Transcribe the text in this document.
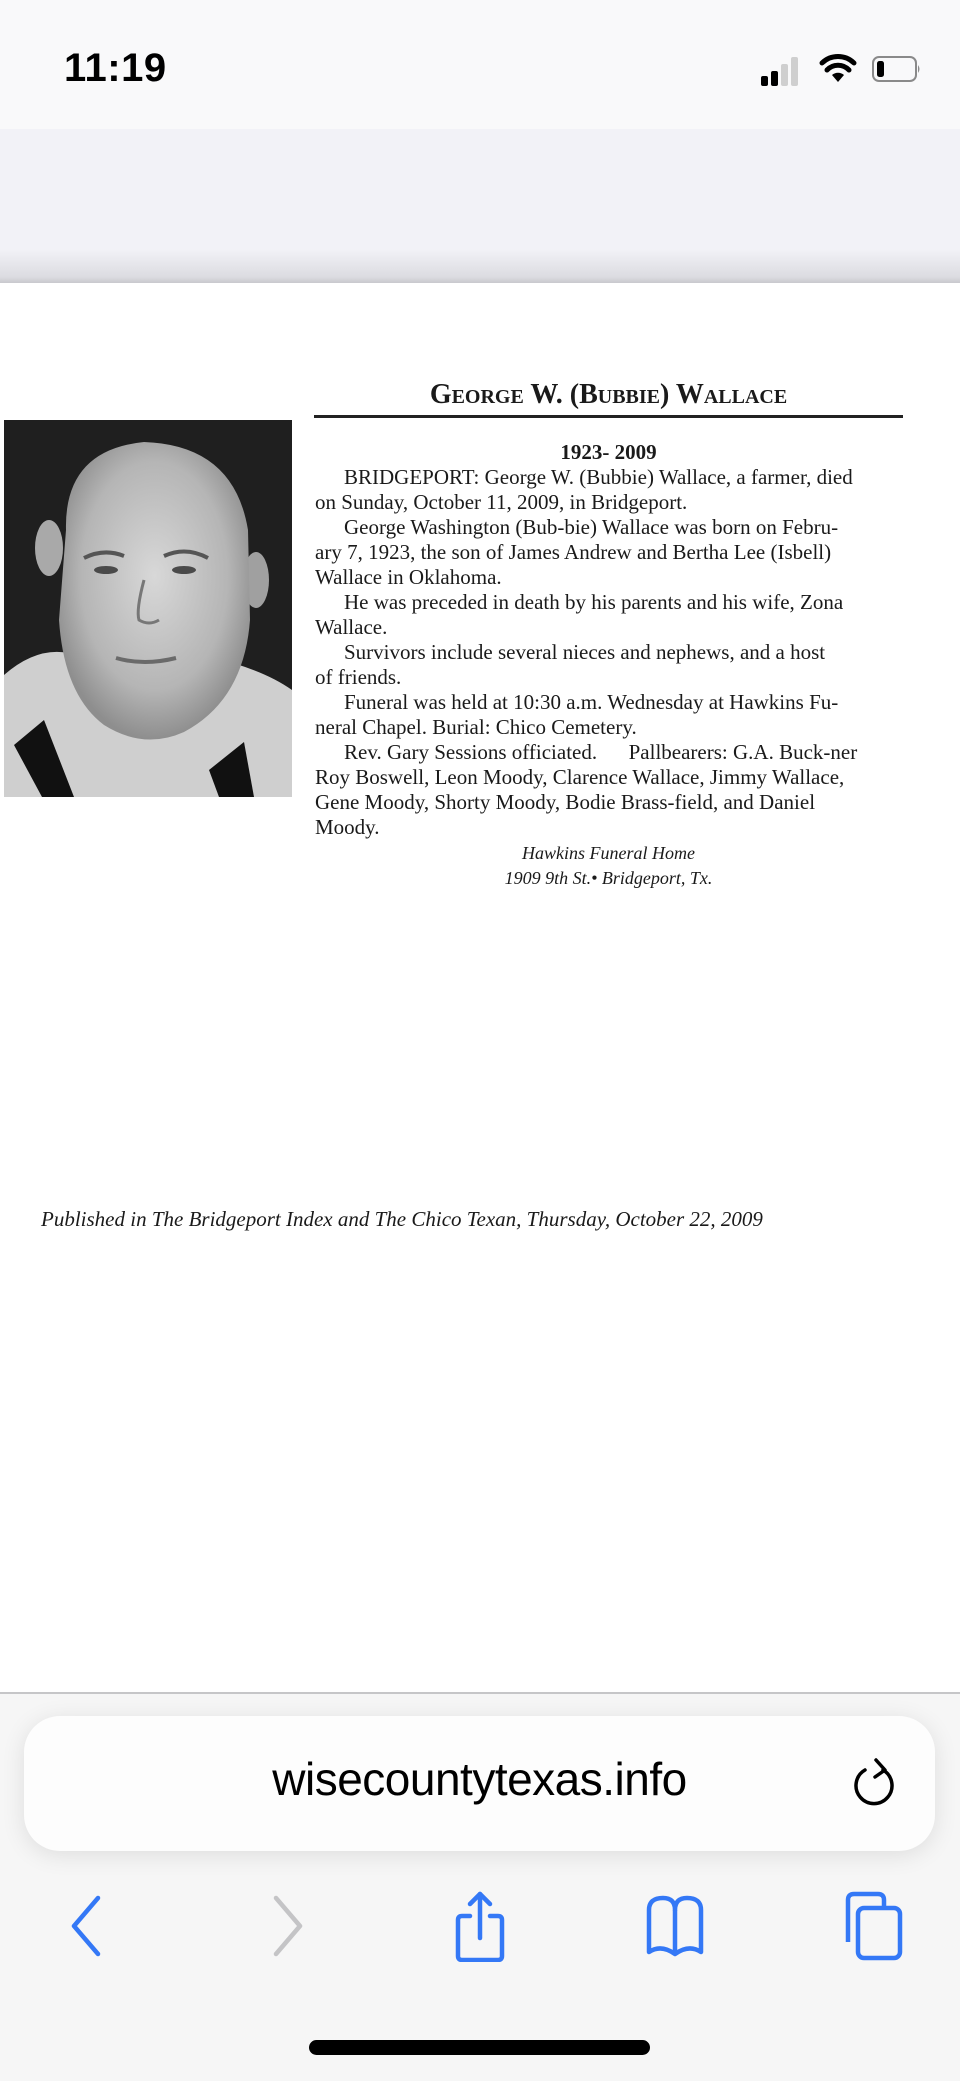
11:19
George W. (Bubbie) Wallace
1923- 2009
BRIDGEPORT: George W. (Bubbie) Wallace, a farmer, died
on Sunday, October 11, 2009, in Bridgeport.
George Washington (Bub-bie) Wallace was born on Febru-
ary 7, 1923, the son of James Andrew and Bertha Lee (Isbell)
Wallace in Oklahoma.
He was preceded in death by his parents and his wife, Zona
Wallace.
Survivors include several nieces and nephews, and a host
of friends.
Funeral was held at 10:30 a.m. Wednesday at Hawkins Fu-
neral Chapel. Burial: Chico Cemetery.
Rev. Gary Sessions officiated.      Pallbearers: G.A. Buck-ner
Roy Boswell, Leon Moody, Clarence Wallace, Jimmy Wallace,
Gene Moody, Shorty Moody, Bodie Brass-field, and Daniel
Moody.
Hawkins Funeral Home
1909 9th St.• Bridgeport, Tx.
Published in The Bridgeport Index and The Chico Texan, Thursday, October 22, 2009
wisecountytexas.info
